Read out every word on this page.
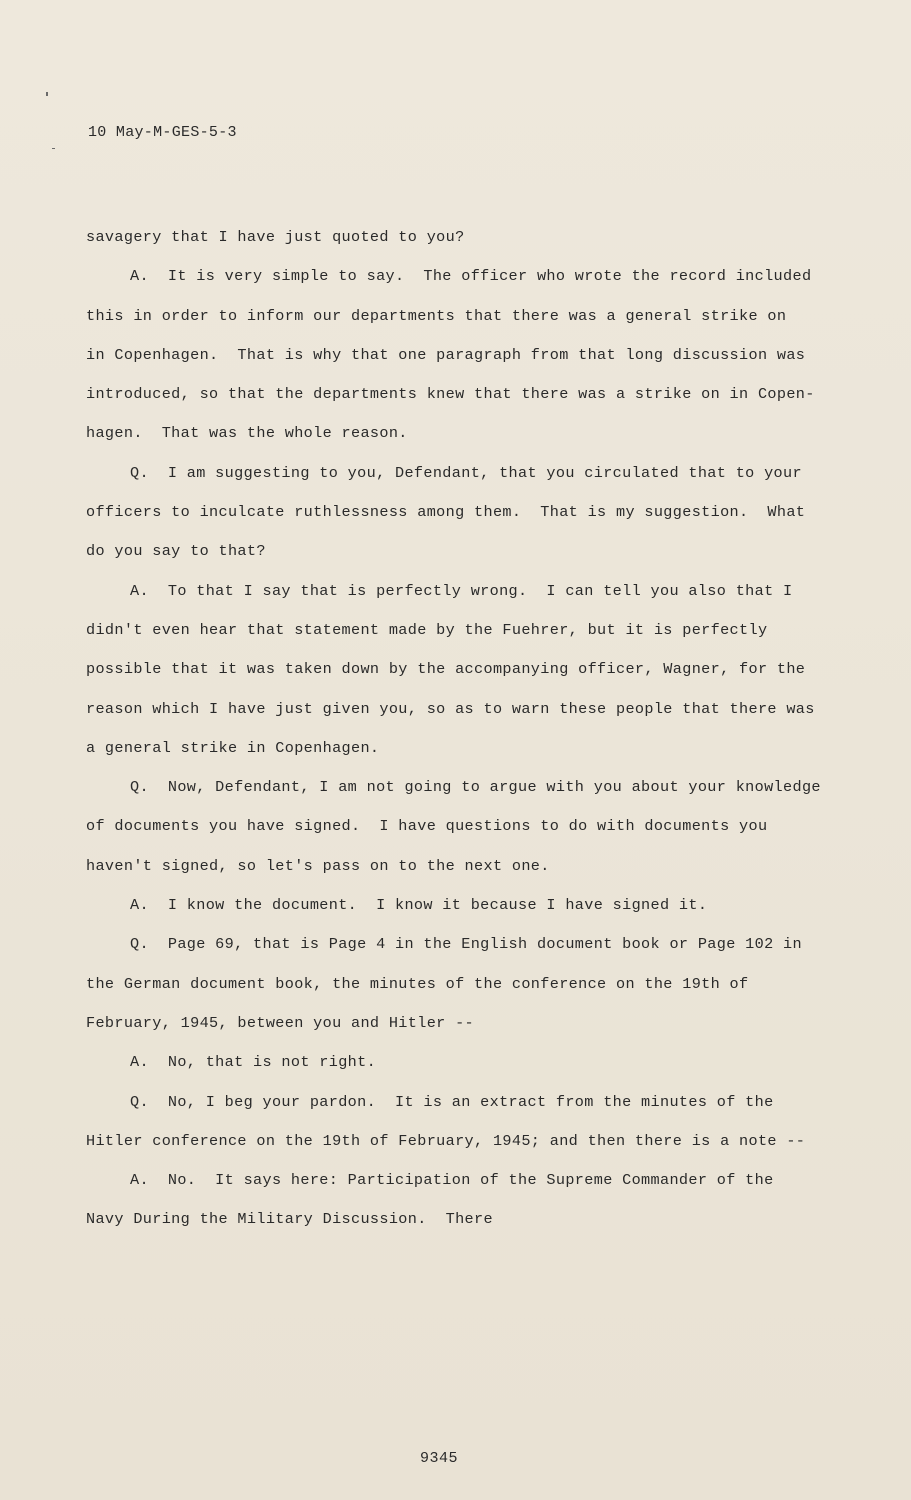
10 May-M-GES-5-3
savagery that I have just quoted to you?
A.  It is very simple to say.  The officer who wrote the record included
this in order to inform our departments that there was a general strike on
in Copenhagen.  That is why that one paragraph from that long discussion was
introduced, so that the departments knew that there was a strike on in Copen-
hagen.  That was the whole reason.
Q.  I am suggesting to you, Defendant, that you circulated that to your
officers to inculcate ruthlessness among them.  That is my suggestion.  What
do you say to that?
A.  To that I say that is perfectly wrong.  I can tell you also that I
didn't even hear that statement made by the Fuehrer, but it is perfectly
possible that it was taken down by the accompanying officer, Wagner, for the
reason which I have just given you, so as to warn these people that there was
a general strike in Copenhagen.
Q.  Now, Defendant, I am not going to argue with you about your knowledge
of documents you have signed.  I have questions to do with documents you
haven't signed, so let's pass on to the next one.
A.  I know the document.  I know it because I have signed it.
Q.  Page 69, that is Page 4 in the English document book or Page 102 in
the German document book, the minutes of the conference on the 19th of
February, 1945, between you and Hitler --
A.  No, that is not right.
Q.  No, I beg your pardon.  It is an extract from the minutes of the
Hitler conference on the 19th of February, 1945; and then there is a note --
A.  No.  It says here: Participation of the Supreme Commander of the
Navy During the Military Discussion.  There
9345
